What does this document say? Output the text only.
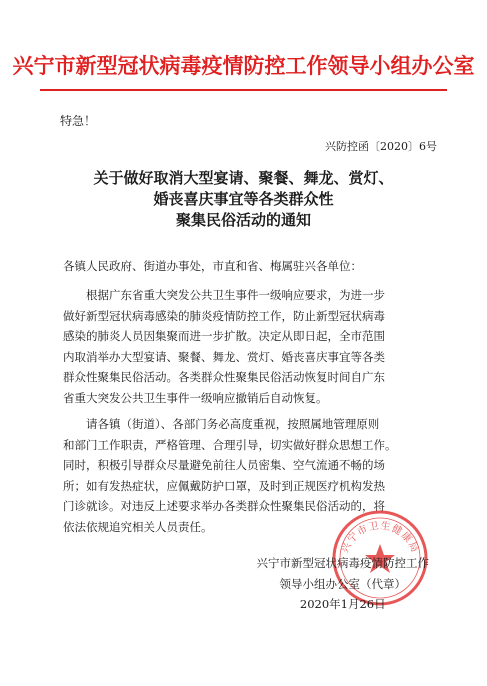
兴宁市新型冠状病毒疫情防控工作领导小组办公室
特急！
兴防控函〔2020〕6号
关于做好取消大型宴请、聚餐、舞龙、赏灯、
婚丧喜庆事宜等各类群众性
聚集民俗活动的通知
各镇人民政府、街道办事处，市直和省、梅属驻兴各单位：
根据广东省重大突发公共卫生事件一级响应要求，为进一步
做好新型冠状病毒感染的肺炎疫情防控工作，防止新型冠状病毒
感染的肺炎人员因集聚而进一步扩散。决定从即日起，全市范围
内取消举办大型宴请、聚餐、舞龙、赏灯、婚丧喜庆事宜等各类
群众性聚集民俗活动。各类群众性聚集民俗活动恢复时间自广东
省重大突发公共卫生事件一级响应撤销后自动恢复。
请各镇（街道）、各部门务必高度重视，按照属地管理原则
和部门工作职责，严格管理、合理引导，切实做好群众思想工作。
同时，积极引导群众尽量避免前往人员密集、空气流通不畅的场
所；如有发热症状，应佩戴防护口罩，及时到正规医疗机构发热
门诊就诊。对违反上述要求举办各类群众性聚集民俗活动的，将
依法依规追究相关人员责任。
兴宁市卫生健康局
兴宁市新型冠状病毒疫情防控工作
领导小组办公室（代章）
2020年1月26日
